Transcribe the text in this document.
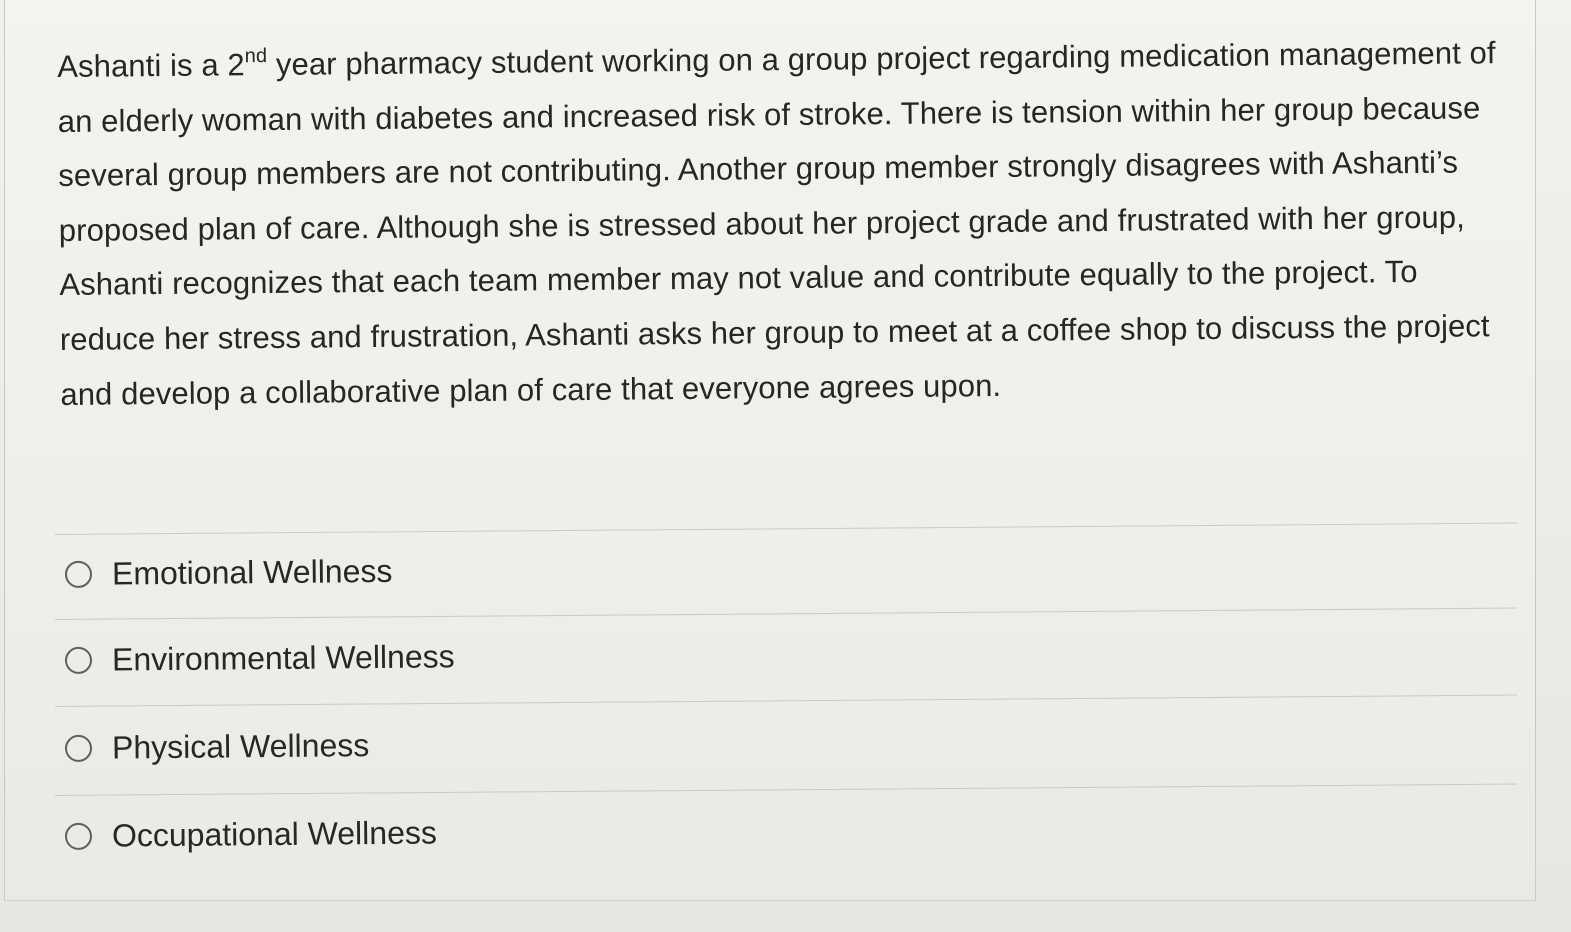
Ashanti is a 2nd year pharmacy student working on a group project regarding medication management of an elderly woman with diabetes and increased risk of stroke. There is tension within her group because several group members are not contributing. Another group member strongly disagrees with Ashanti’s proposed plan of care. Although she is stressed about her project grade and frustrated with her group, Ashanti recognizes that each team member may not value and contribute equally to the project. To reduce her stress and frustration, Ashanti asks her group to meet at a coffee shop to discuss the project and develop a collaborative plan of care that everyone agrees upon.

Emotional Wellness
Environmental Wellness
Physical Wellness
Occupational Wellness
